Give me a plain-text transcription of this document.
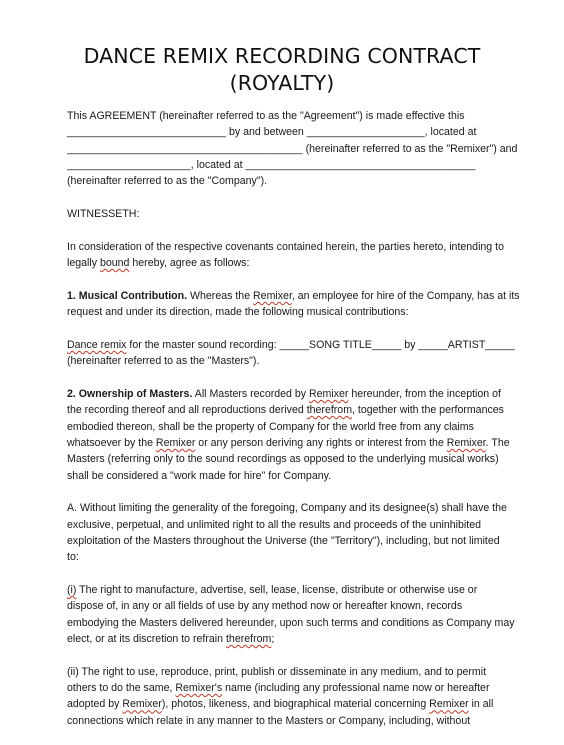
DANCE REMIX RECORDING CONTRACT
(ROYALTY)

This AGREEMENT (hereinafter referred to as the "Agreement") is made effective this
___________________________ by and between ____________________, located at
________________________________________ (hereinafter referred to as the "Remixer") and
_____________________, located at _______________________________________
(hereinafter referred to as the "Company").

WITNESSETH:

In consideration of the respective covenants contained herein, the parties hereto, intending to
legally bound hereby, agree as follows:

1. Musical Contribution. Whereas the Remixer, an employee for hire of the Company, has at its
request and under its direction, made the following musical contributions:

Dance remix for the master sound recording: _____SONG TITLE_____ by _____ARTIST_____
(hereinafter referred to as the "Masters").

2. Ownership of Masters. All Masters recorded by Remixer hereunder, from the inception of
the recording thereof and all reproductions derived therefrom, together with the performances
embodied thereon, shall be the property of Company for the world free from any claims
whatsoever by the Remixer or any person deriving any rights or interest from the Remixer. The
Masters (referring only to the sound recordings as opposed to the underlying musical works)
shall be considered a "work made for hire" for Company.

A. Without limiting the generality of the foregoing, Company and its designee(s) shall have the
exclusive, perpetual, and unlimited right to all the results and proceeds of the uninhibited
exploitation of the Masters throughout the Universe (the "Territory"), including, but not limited
to:

(i) The right to manufacture, advertise, sell, lease, license, distribute or otherwise use or
dispose of, in any or all fields of use by any method now or hereafter known, records
embodying the Masters delivered hereunder, upon such terms and conditions as Company may
elect, or at its discretion to refrain therefrom;

(ii) The right to use, reproduce, print, publish or disseminate in any medium, and to permit
others to do the same, Remixer's name (including any professional name now or hereafter
adopted by Remixer), photos, likeness, and biographical material concerning Remixer in all
connections which relate in any manner to the Masters or Company, including, without
